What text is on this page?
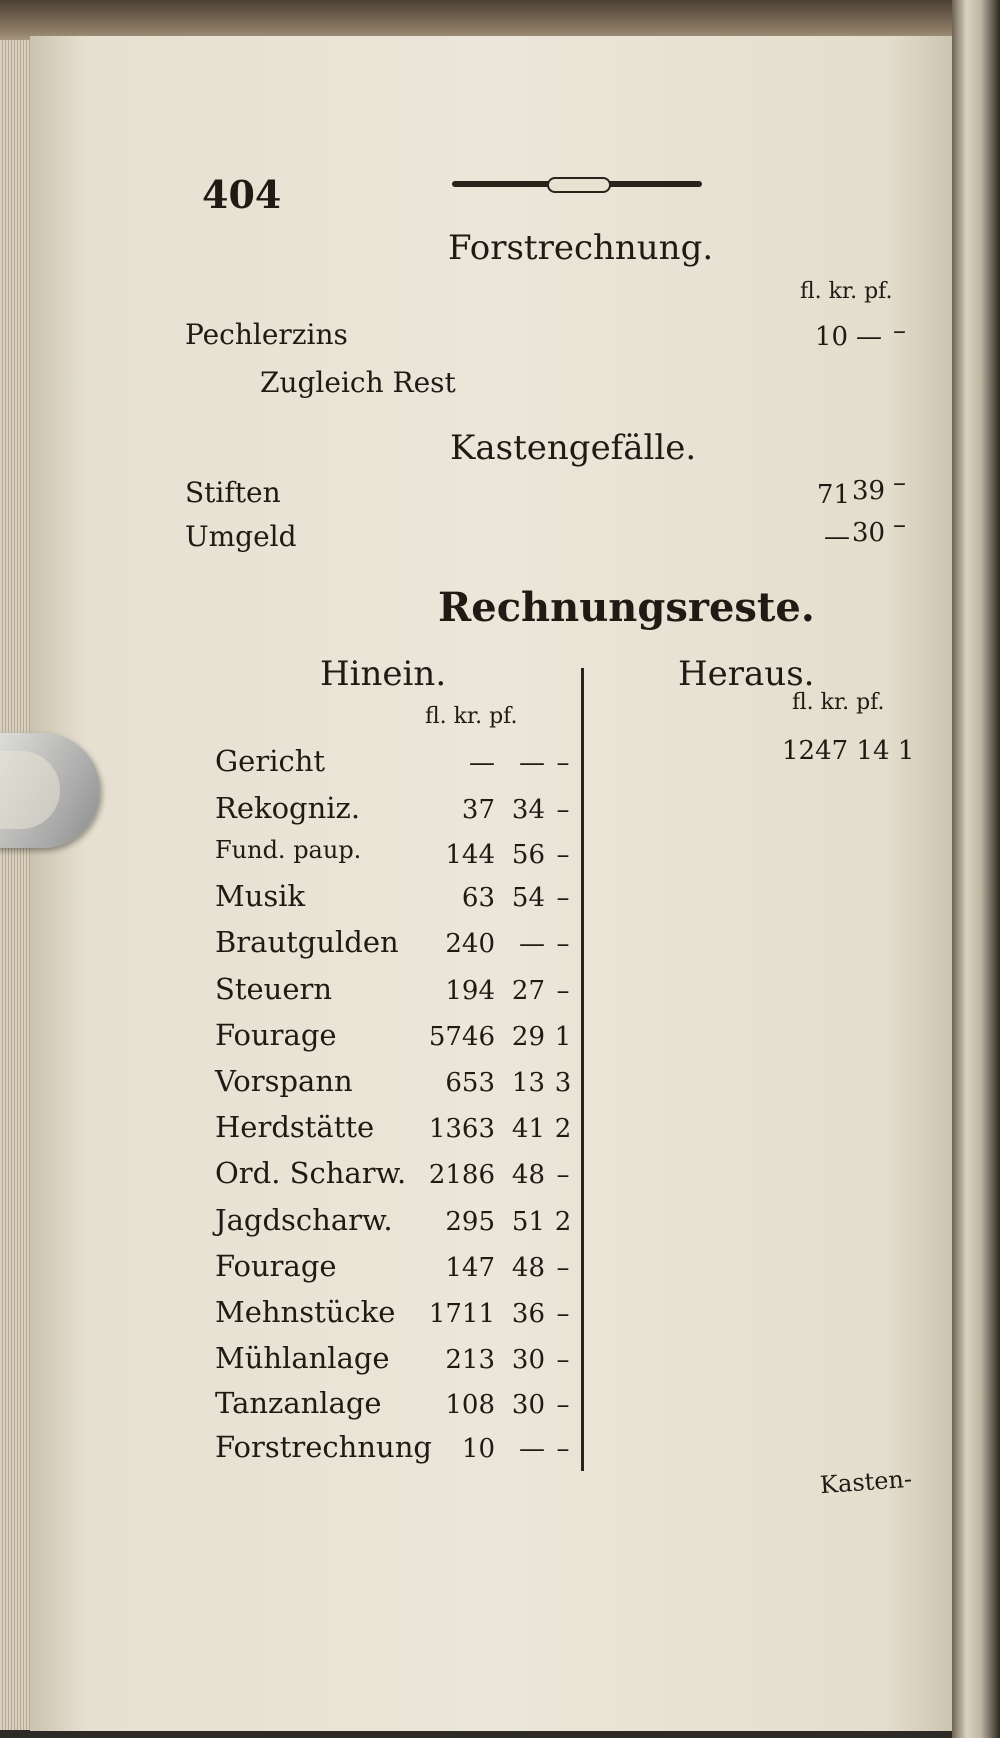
404
Forstrechnung.
fl. kr. pf.
Pechlerzins	10 — –
Zugleich Rest
Kastengefälle.
Stiften	71 39 –
Umgeld	— 30 –
Rechnungsreste.
Hinein.	Heraus.
fl. kr. pf.
fl. kr. pf.
1247 14 1
Gericht	— — –
Rekogniz.	37 34 –
Fund. paup.	144 56 –
Musik	63 54 –
Brautgulden	240 — –
Steuern	194 27 –
Fourage	5746 29 1
Vorspann	653 13 3
Herdstätte	1363 41 2
Ord. Scharw. 2186 48 –
Jagdscharw.	295 51 2
Fourage	147 48 –
Mehnstücke	1711 36 –
Mühlanlage	213 30 –
Tanzanlage	108 30 –
Forstrechnung	10 — –
Kasten-
